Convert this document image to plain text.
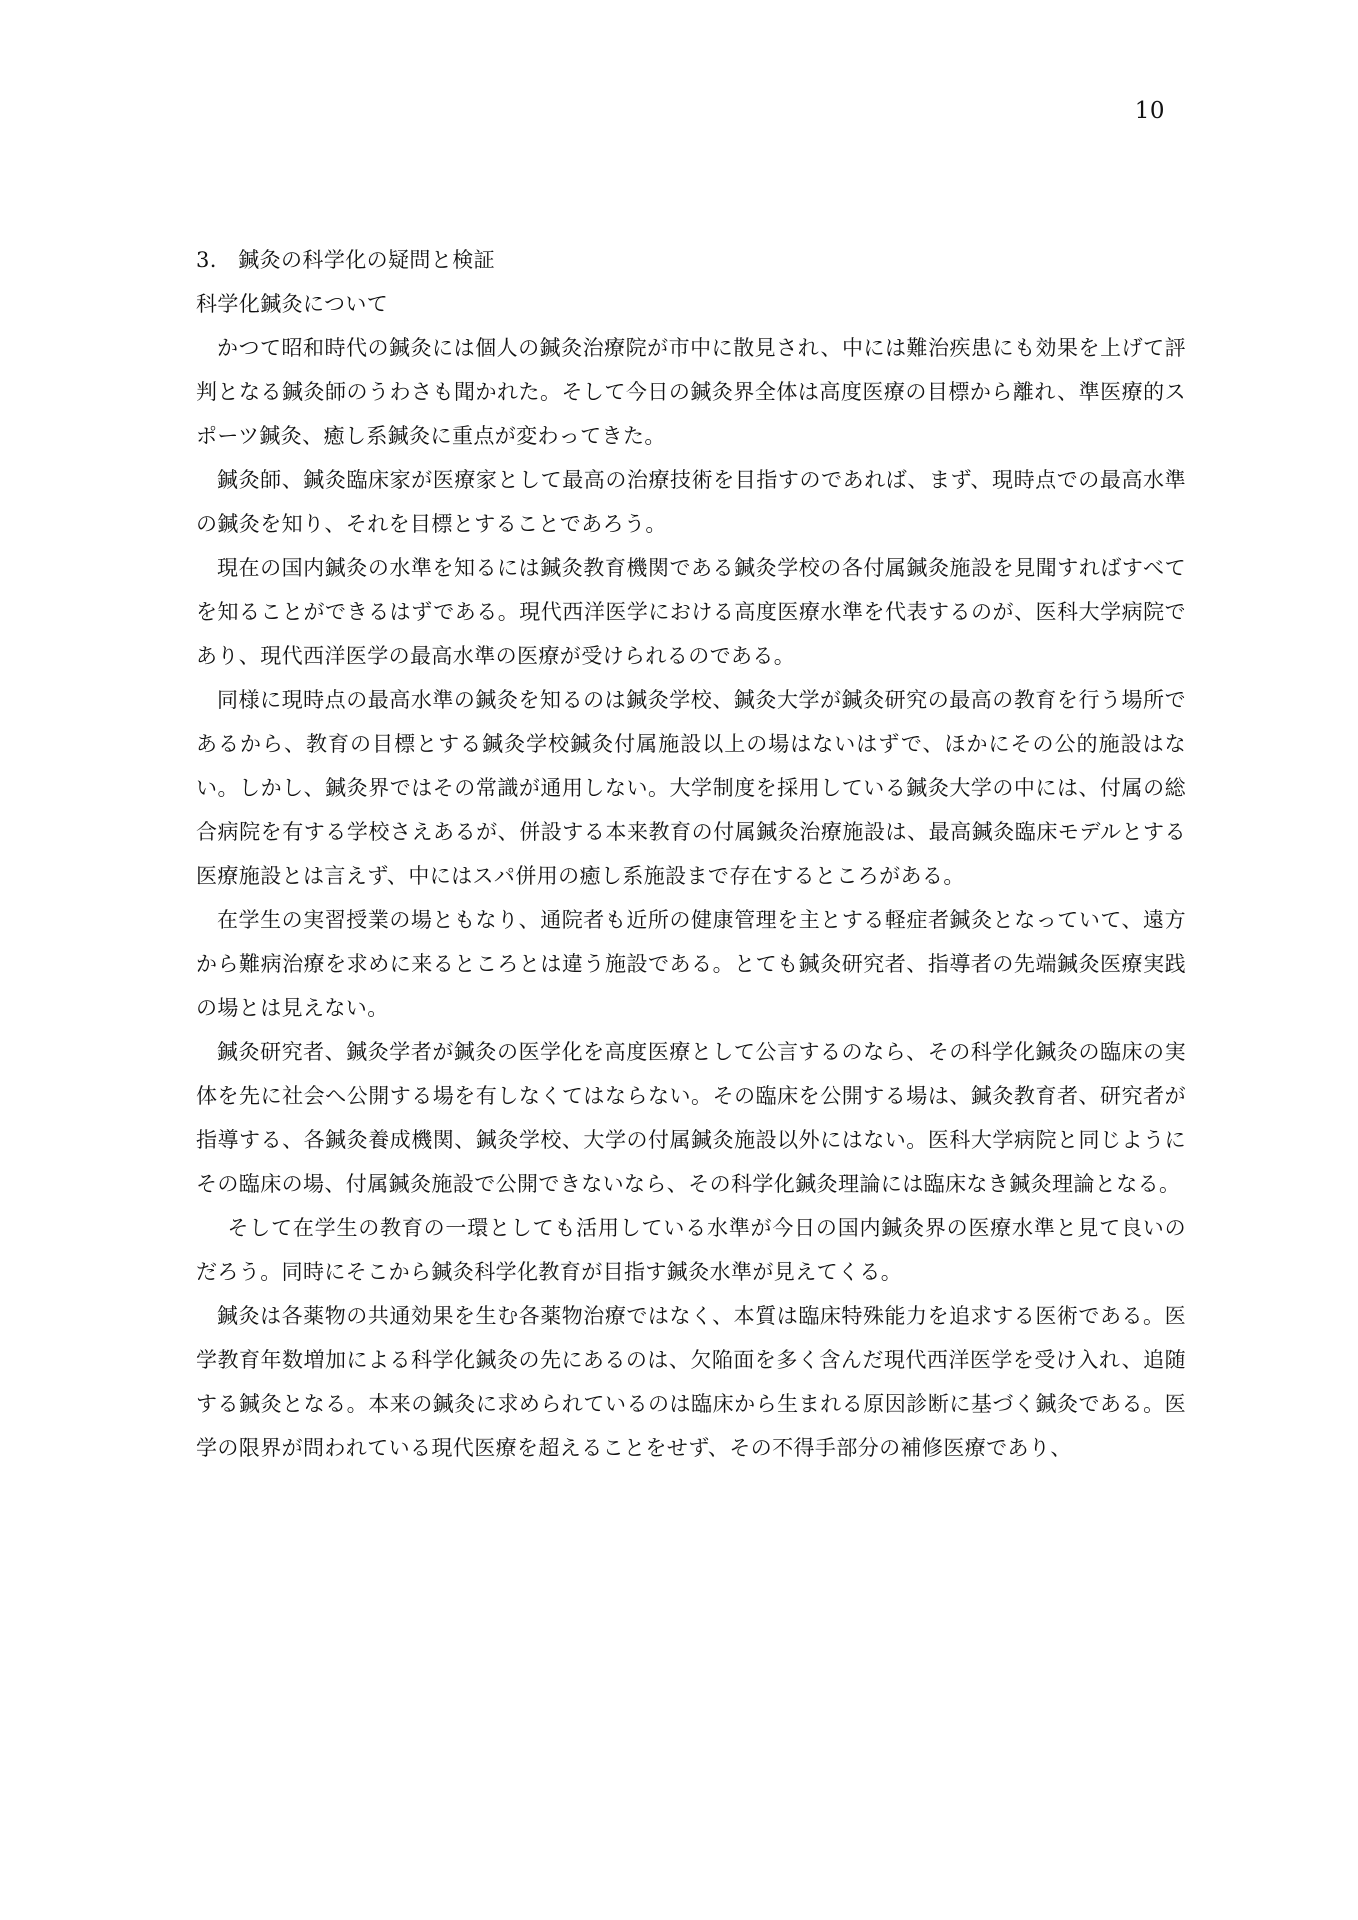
10
3.　鍼灸の科学化の疑問と検証
科学化鍼灸について

かつて昭和時代の鍼灸には個人の鍼灸治療院が市中に散見され、中には難治疾患にも効果を上げて評判となる鍼灸師のうわさも聞かれた。そして今日の鍼灸界全体は高度医療の目標から離れ、準医療的スポーツ鍼灸、癒し系鍼灸に重点が変わってきた。

鍼灸師、鍼灸臨床家が医療家として最高の治療技術を目指すのであれば、まず、現時点での最高水準の鍼灸を知り、それを目標とすることであろう。

現在の国内鍼灸の水準を知るには鍼灸教育機関である鍼灸学校の各付属鍼灸施設を見聞すればすべてを知ることができるはずである。現代西洋医学における高度医療水準を代表するのが、医科大学病院であり、現代西洋医学の最高水準の医療が受けられるのである。

同様に現時点の最高水準の鍼灸を知るのは鍼灸学校、鍼灸大学が鍼灸研究の最高の教育を行う場所であるから、教育の目標とする鍼灸学校鍼灸付属施設以上の場はないはずで、ほかにその公的施設はない。しかし、鍼灸界ではその常識が通用しない。大学制度を採用している鍼灸大学の中には、付属の総合病院を有する学校さえあるが、併設する本来教育の付属鍼灸治療施設は、最高鍼灸臨床モデルとする医療施設とは言えず、中にはスパ併用の癒し系施設まで存在するところがある。

在学生の実習授業の場ともなり、通院者も近所の健康管理を主とする軽症者鍼灸となっていて、遠方から難病治療を求めに来るところとは違う施設である。とても鍼灸研究者、指導者の先端鍼灸医療実践の場とは見えない。

鍼灸研究者、鍼灸学者が鍼灸の医学化を高度医療として公言するのなら、その科学化鍼灸の臨床の実体を先に社会へ公開する場を有しなくてはならない。その臨床を公開する場は、鍼灸教育者、研究者が指導する、各鍼灸養成機関、鍼灸学校、大学の付属鍼灸施設以外にはない。医科大学病院と同じようにその臨床の場、付属鍼灸施設で公開できないなら、その科学化鍼灸理論には臨床なき鍼灸理論となる。

そして在学生の教育の一環としても活用している水準が今日の国内鍼灸界の医療水準と見て良いのだろう。同時にそこから鍼灸科学化教育が目指す鍼灸水準が見えてくる。

鍼灸は各薬物の共通効果を生む各薬物治療ではなく、本質は臨床特殊能力を追求する医術である。医学教育年数増加による科学化鍼灸の先にあるのは、欠陥面を多く含んだ現代西洋医学を受け入れ、追随する鍼灸となる。本来の鍼灸に求められているのは臨床から生まれる原因診断に基づく鍼灸である。医学の限界が問われている現代医療を超えることをせず、その不得手部分の補修医療であり、
